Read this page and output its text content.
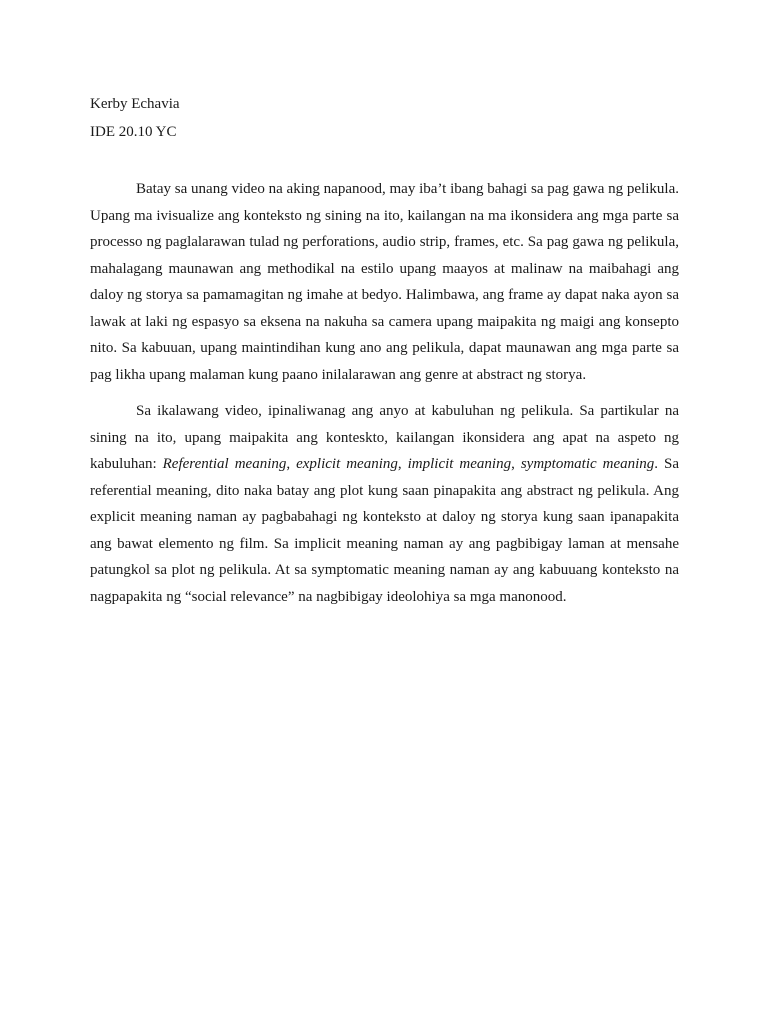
Kerby Echavia

IDE 20.10 YC

Batay sa unang video na aking napanood, may iba’t ibang bahagi sa pag gawa ng pelikula. Upang ma ivisualize ang konteksto ng sining na ito, kailangan na ma ikonsidera ang mga parte sa processo ng paglalarawan tulad ng perforations, audio strip, frames, etc. Sa pag gawa ng pelikula, mahalagang maunawan ang methodikal na estilo upang maayos at malinaw na maibahagi ang daloy ng storya sa pamamagitan ng imahe at bedyo. Halimbawa, ang frame ay dapat naka ayon sa lawak at laki ng espasyo sa eksena na nakuha sa camera upang maipakita ng maigi ang konsepto nito. Sa kabuuan, upang maintindihan kung ano ang pelikula, dapat maunawan ang mga parte sa pag likha upang malaman kung paano inilalarawan ang genre at abstract ng storya.

Sa ikalawang video, ipinaliwanag ang anyo at kabuluhan ng pelikula. Sa partikular na sining na ito, upang maipakita ang konteskto, kailangan ikonsidera ang apat na aspeto ng kabuluhan: Referential meaning, explicit meaning, implicit meaning, symptomatic meaning. Sa referential meaning, dito naka batay ang plot kung saan pinapakita ang abstract ng pelikula. Ang explicit meaning naman ay pagbabahagi ng konteksto at daloy ng storya kung saan ipanapakita ang bawat elemento ng film. Sa implicit meaning naman ay ang pagbibigay laman at mensahe patungkol sa plot ng pelikula. At sa symptomatic meaning naman ay ang kabuuang konteksto na nagpapakita ng “social relevance” na nagbibigay ideolohiya sa mga manonood.
